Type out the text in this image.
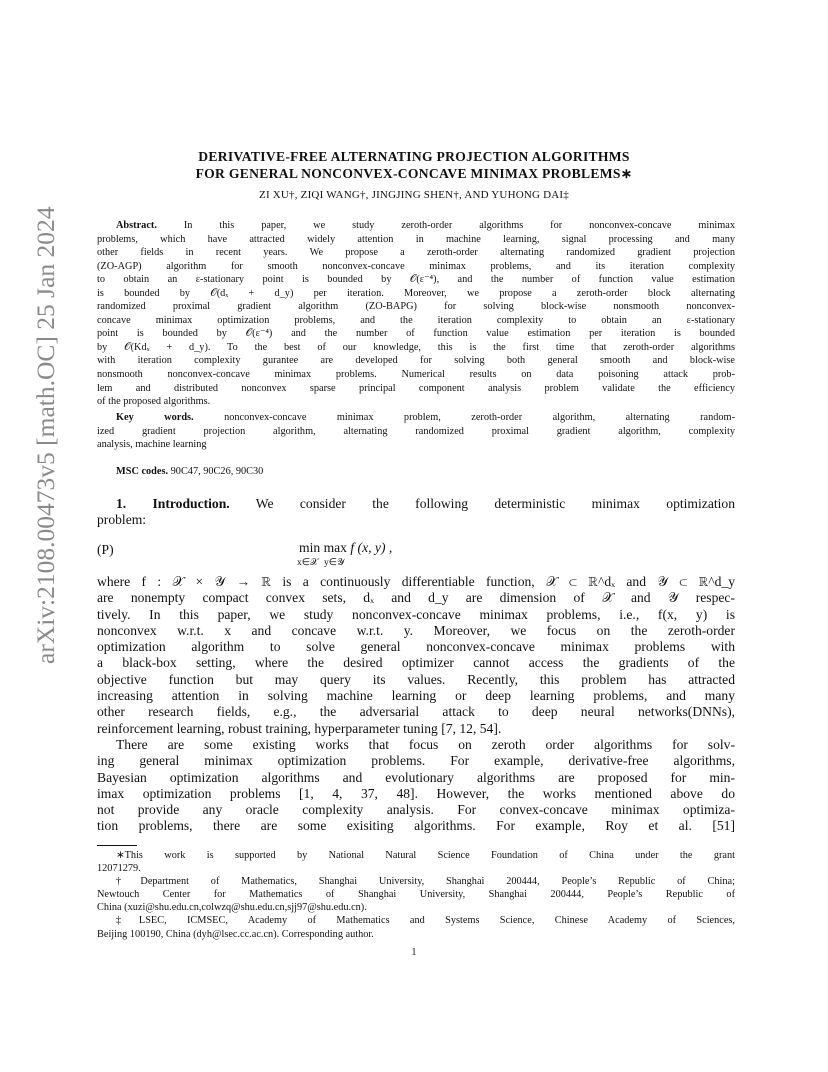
arXiv:2108.00473v5 [math.OC] 25 Jan 2024
DERIVATIVE-FREE ALTERNATING PROJECTION ALGORITHMS
FOR GENERAL NONCONVEX-CONCAVE MINIMAX PROBLEMS∗
ZI XU†, ZIQI WANG†, JINGJING SHEN†, AND YUHONG DAI‡
Abstract.	In this paper, we study zeroth-order algorithms for nonconvex-concave minimax
problems, which have attracted widely attention in machine learning, signal processing and many
other fields in recent years. We propose a zeroth-order alternating randomized gradient projection
(ZO-AGP) algorithm for smooth nonconvex-concave minimax problems, and its iteration complexity
to obtain an ε-stationary point is bounded by 𝒪(ε⁻⁴), and the number of function value estimation
is bounded by 𝒪(dₓ + d_y) per iteration. Moreover, we propose a zeroth-order block alternating
randomized proximal gradient algorithm (ZO-BAPG) for solving block-wise nonsmooth nonconvex-
concave minimax optimization problems, and the iteration complexity to obtain an ε-stationary
point is bounded by 𝒪(ε⁻⁴) and the number of function value estimation per iteration is bounded
by 𝒪(Kdₓ + d_y). To the best of our knowledge, this is the first time that zeroth-order algorithms
with iteration complexity gurantee are developed for solving both general smooth and block-wise
nonsmooth nonconvex-concave minimax problems. Numerical results on data poisoning attack prob-
lem and distributed nonconvex sparse principal component analysis problem validate the efficiency
of the proposed algorithms.
Key words.	nonconvex-concave minimax problem, zeroth-order algorithm, alternating random-
ized gradient projection algorithm, alternating randomized proximal gradient algorithm, complexity
analysis, machine learning
MSC codes. 90C47, 90C26, 90C30
1. Introduction. We consider the following deterministic minimax optimization
problem:
(P)	min max f (x, y) ,
x∈𝒳 y∈𝒴
where f : 𝒳 × 𝒴 → ℝ is a continuously differentiable function, 𝒳 ⊂ ℝ^dₓ and 𝒴 ⊂ ℝ^d_y
are nonempty compact convex sets, dₓ and d_y are dimension of 𝒳 and 𝒴 respec-
tively. In this paper, we study nonconvex-concave minimax problems, i.e., f(x, y) is
nonconvex w.r.t. x and concave w.r.t. y. Moreover, we focus on the zeroth-order
optimization algorithm to solve general nonconvex-concave minimax problems with
a black-box setting, where the desired optimizer cannot access the gradients of the
objective function but may query its values. Recently, this problem has attracted
increasing attention in solving machine learning or deep learning problems, and many
other research fields, e.g., the adversarial attack to deep neural networks(DNNs),
reinforcement learning, robust training, hyperparameter tuning [7, 12, 54].
There are some existing works that focus on zeroth order algorithms for solv-
ing general minimax optimization problems. For example, derivative-free algorithms,
Bayesian optimization algorithms and evolutionary algorithms are proposed for min-
imax optimization problems [1, 4, 37, 48]. However, the works mentioned above do
not provide any oracle complexity analysis. For convex-concave minimax optimiza-
tion problems, there are some exisiting algorithms. For example, Roy et al. [51]
∗This work is supported by National Natural Science Foundation of China under the grant
12071279.
†Department of Mathematics, Shanghai University, Shanghai 200444, People’s Republic of China;
Newtouch Center for Mathematics of Shanghai University, Shanghai 200444, People’s Republic of
China (xuzi@shu.edu.cn,colwzq@shu.edu.cn,sjj97@shu.edu.cn).
‡LSEC, ICMSEC, Academy of Mathematics and Systems Science, Chinese Academy of Sciences,
Beijing 100190, China (dyh@lsec.cc.ac.cn). Corresponding author.
1
